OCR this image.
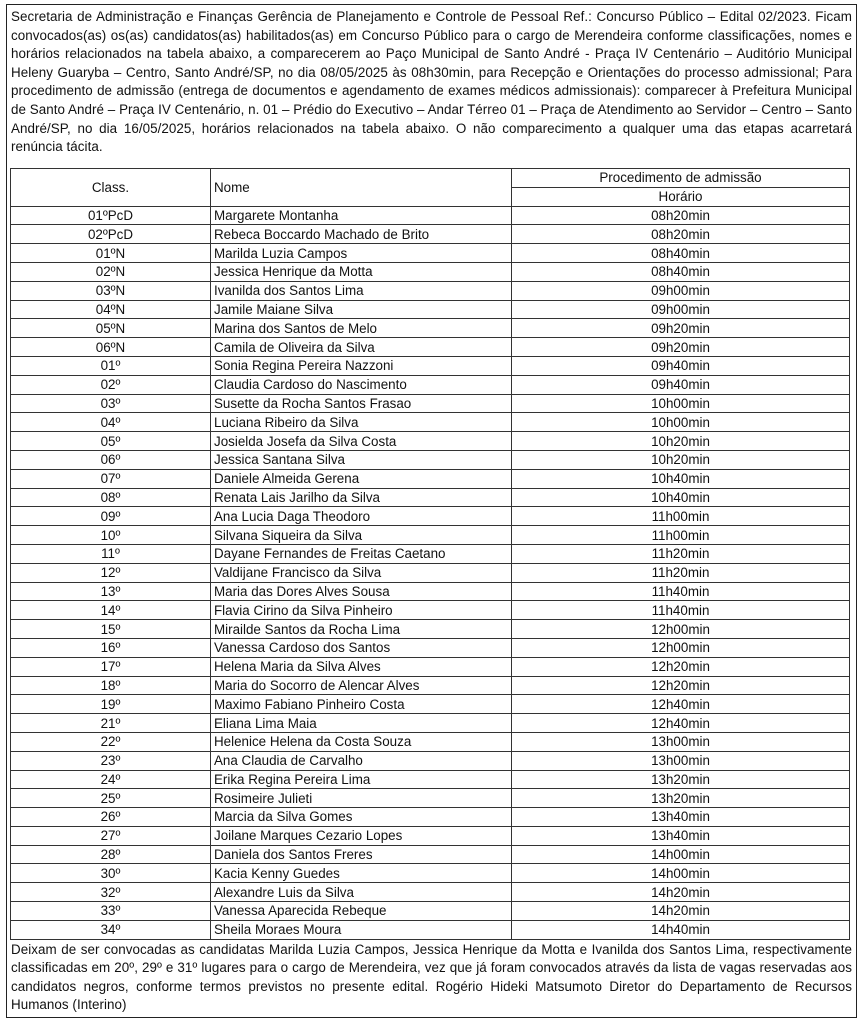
Secretaria de Administração e Finanças Gerência de Planejamento e Controle de Pessoal Ref.: Concurso Público – Edital 02/2023. Ficam convocados(as) os(as) candidatos(as) habilitados(as) em Concurso Público para o cargo de Merendeira conforme classificações, nomes e horários relacionados na tabela abaixo, a comparecerem ao Paço Municipal de Santo André - Praça IV Centenário – Auditório Municipal Heleny Guaryba – Centro, Santo André/SP, no dia 08/05/2025 às 08h30min, para Recepção e Orientações do processo admissional; Para procedimento de admissão (entrega de documentos e agendamento de exames médicos admissionais): comparecer à Prefeitura Municipal de Santo André – Praça IV Centenário, n. 01 – Prédio do Executivo – Andar Térreo 01 – Praça de Atendimento ao Servidor – Centro – Santo André/SP, no dia 16/05/2025, horários relacionados na tabela abaixo. O não comparecimento a qualquer uma das etapas acarretará renúncia tácita.

Class.	Nome	Procedimento de admissão
		Horário
01ºPcD	Margarete Montanha	08h20min
02ºPcD	Rebeca Boccardo Machado de Brito	08h20min
01ºN	Marilda Luzia Campos	08h40min
02ºN	Jessica Henrique da Motta	08h40min
03ºN	Ivanilda dos Santos Lima	09h00min
04ºN	Jamile Maiane Silva	09h00min
05ºN	Marina dos Santos de Melo	09h20min
06ºN	Camila de Oliveira da Silva	09h20min
01º	Sonia Regina Pereira Nazzoni	09h40min
02º	Claudia Cardoso do Nascimento	09h40min
03º	Susette da Rocha Santos Frasao	10h00min
04º	Luciana Ribeiro da Silva	10h00min
05º	Josielda Josefa da Silva Costa	10h20min
06º	Jessica Santana Silva	10h20min
07º	Daniele Almeida Gerena	10h40min
08º	Renata Lais Jarilho da Silva	10h40min
09º	Ana Lucia Daga Theodoro	11h00min
10º	Silvana Siqueira da Silva	11h00min
11º	Dayane Fernandes de Freitas Caetano	11h20min
12º	Valdijane Francisco da Silva	11h20min
13º	Maria das Dores Alves Sousa	11h40min
14º	Flavia Cirino da Silva Pinheiro	11h40min
15º	Mirailde Santos da Rocha Lima	12h00min
16º	Vanessa Cardoso dos Santos	12h00min
17º	Helena Maria da Silva Alves	12h20min
18º	Maria do Socorro de Alencar Alves	12h20min
19º	Maximo Fabiano Pinheiro Costa	12h40min
21º	Eliana Lima Maia	12h40min
22º	Helenice Helena da Costa Souza	13h00min
23º	Ana Claudia de Carvalho	13h00min
24º	Erika Regina Pereira Lima	13h20min
25º	Rosimeire Julieti	13h20min
26º	Marcia da Silva Gomes	13h40min
27º	Joilane Marques Cezario Lopes	13h40min
28º	Daniela dos Santos Freres	14h00min
30º	Kacia Kenny Guedes	14h00min
32º	Alexandre Luis da Silva	14h20min
33º	Vanessa Aparecida Rebeque	14h20min
34º	Sheila Moraes Moura	14h40min

Deixam de ser convocadas as candidatas Marilda Luzia Campos, Jessica Henrique da Motta e Ivanilda dos Santos Lima, respectivamente classificadas em 20º, 29º e 31º lugares para o cargo de Merendeira, vez que já foram convocados através da lista de vagas reservadas aos candidatos negros, conforme termos previstos no presente edital. Rogério Hideki Matsumoto Diretor do Departamento de Recursos Humanos (Interino)
